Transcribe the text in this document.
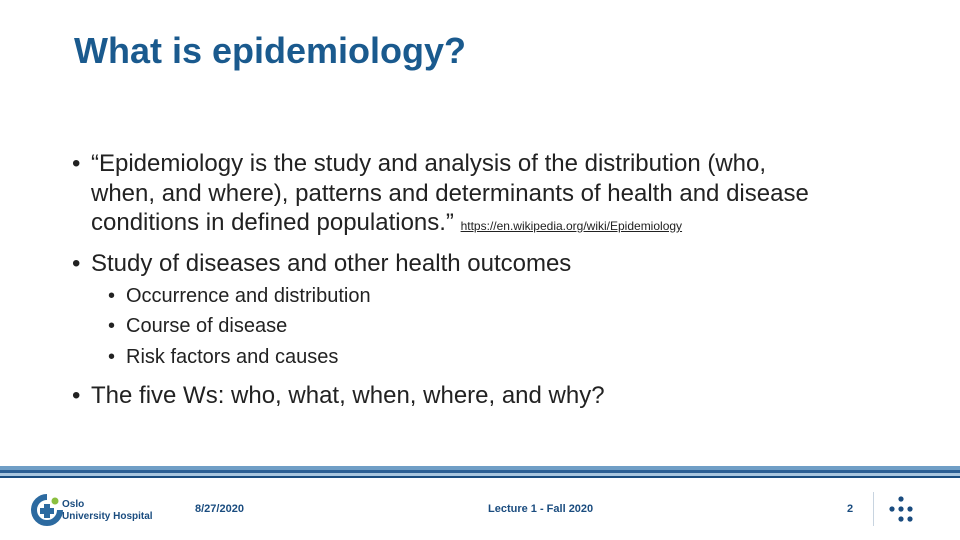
What is epidemiology?
• “Epidemiology is the study and analysis of the distribution (who,
when, and where), patterns and determinants of health and disease
conditions in defined populations.” https://en.wikipedia.org/wiki/Epidemiology
• Study of diseases and other health outcomes
• Occurrence and distribution
• Course of disease
• Risk factors and causes
• The five Ws: who, what, when, where, and why?
Oslo
University Hospital
8/27/2020	Lecture 1 - Fall 2020	2
